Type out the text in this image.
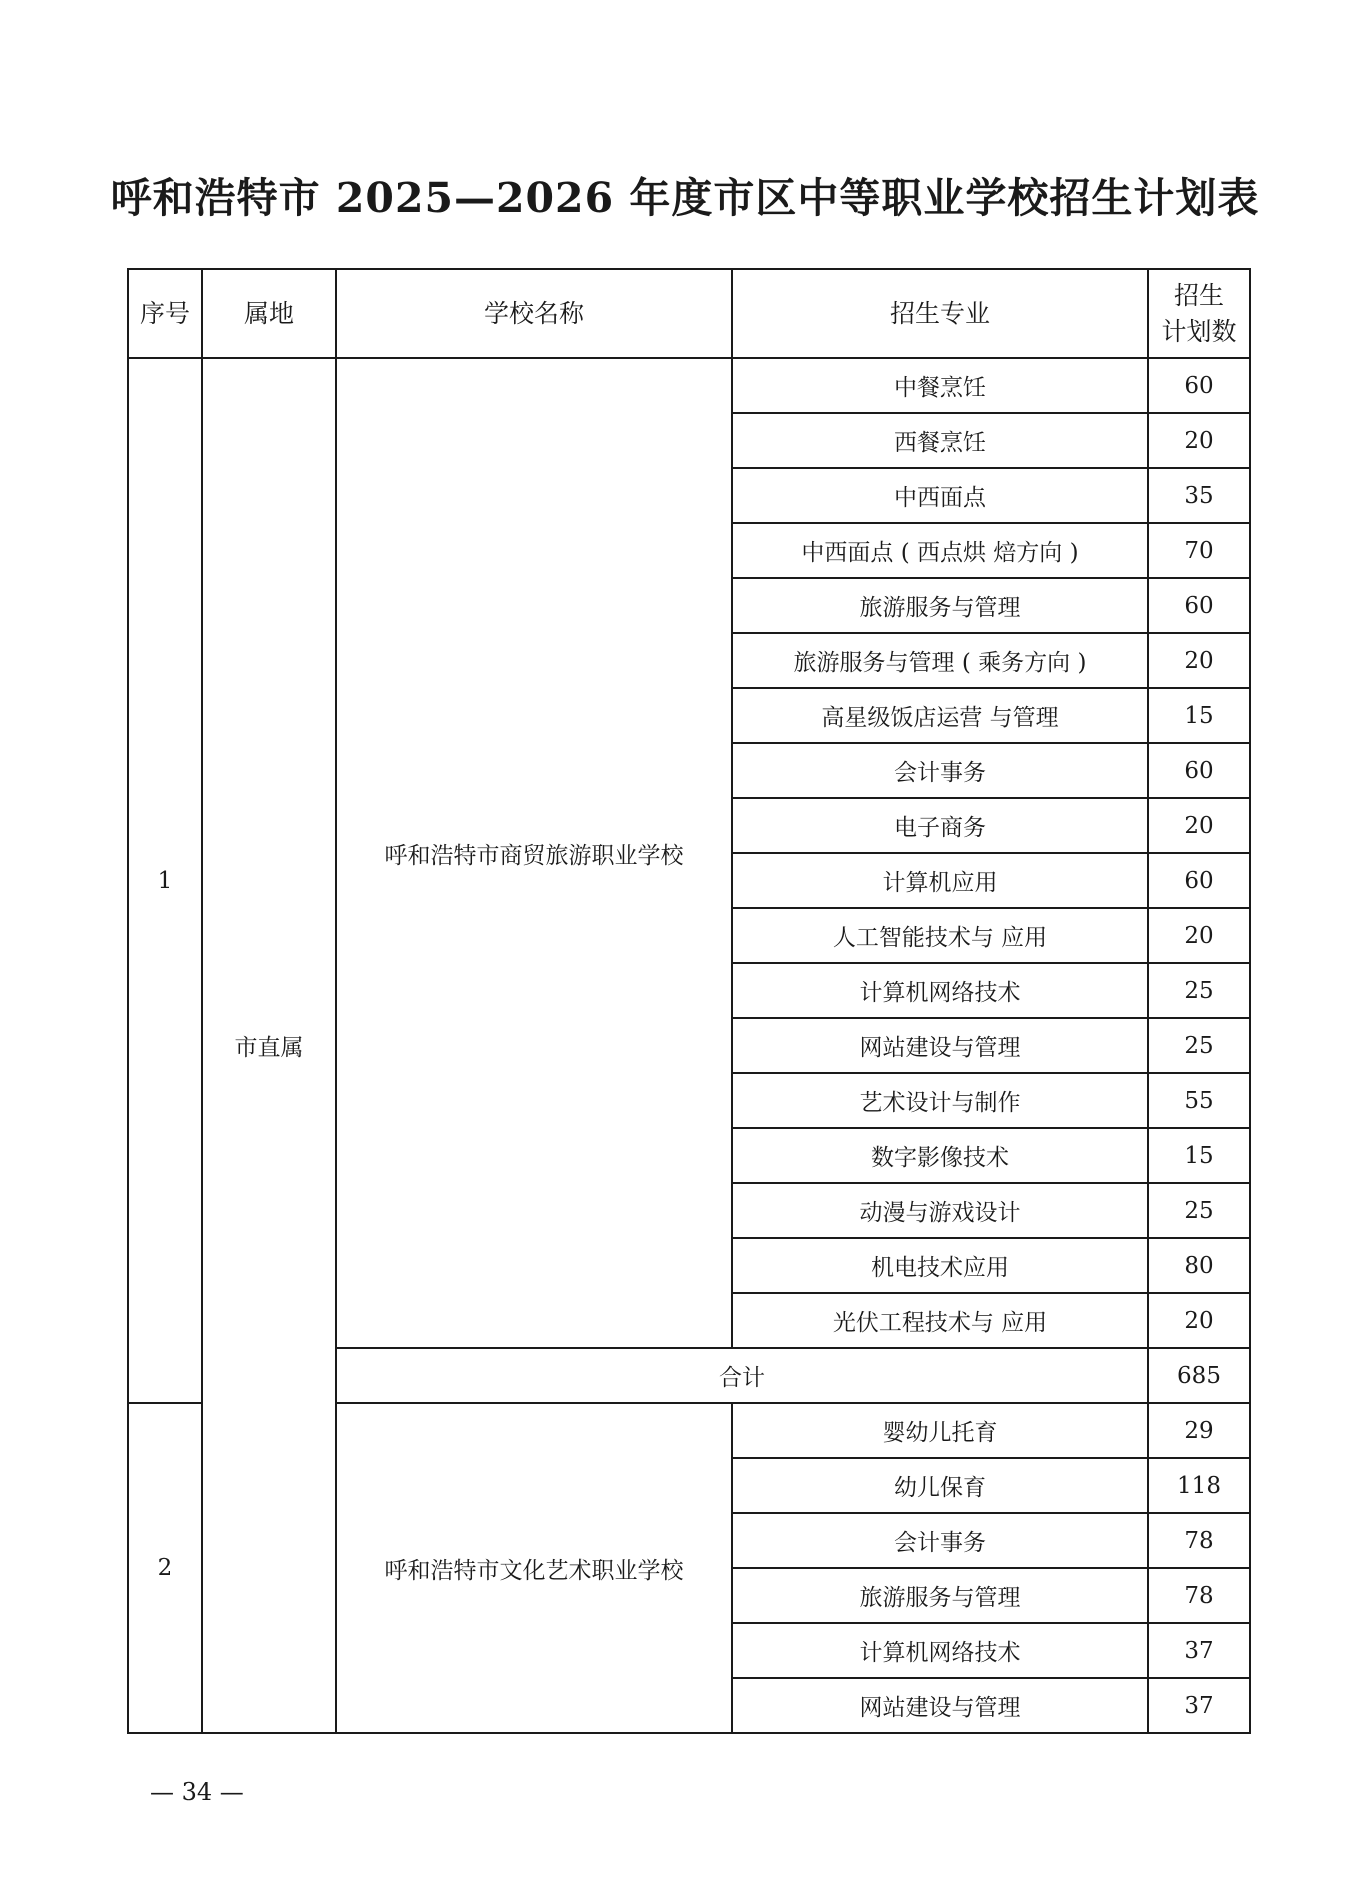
呼和浩特市 2025—2026 年度市区中等职业学校招生计划表
序号	属地	学校名称	招生专业	招生
计划数

1	市直属	呼和浩特市商贸旅游职业学校	中餐烹饪	60
			西餐烹饪	20
			中西面点	35
			中西面点 ( 西点烘 焙方向 )	70
			旅游服务与管理	60
			旅游服务与管理 ( 乘务方向 )	20
			高星级饭店运营 与管理	15
			会计事务	60
			电子商务	20
			计算机应用	60
			人工智能技术与 应用	20
			计算机网络技术	25
			网站建设与管理	25
			艺术设计与制作	55
			数字影像技术	15
			动漫与游戏设计	25
			机电技术应用	80
			光伏工程技术与 应用	20
		合计		685
2		呼和浩特市文化艺术职业学校	婴幼儿托育	29
			幼儿保育	118
			会计事务	78
			旅游服务与管理	78
			计算机网络技术	37
			网站建设与管理	37
— 34 —
